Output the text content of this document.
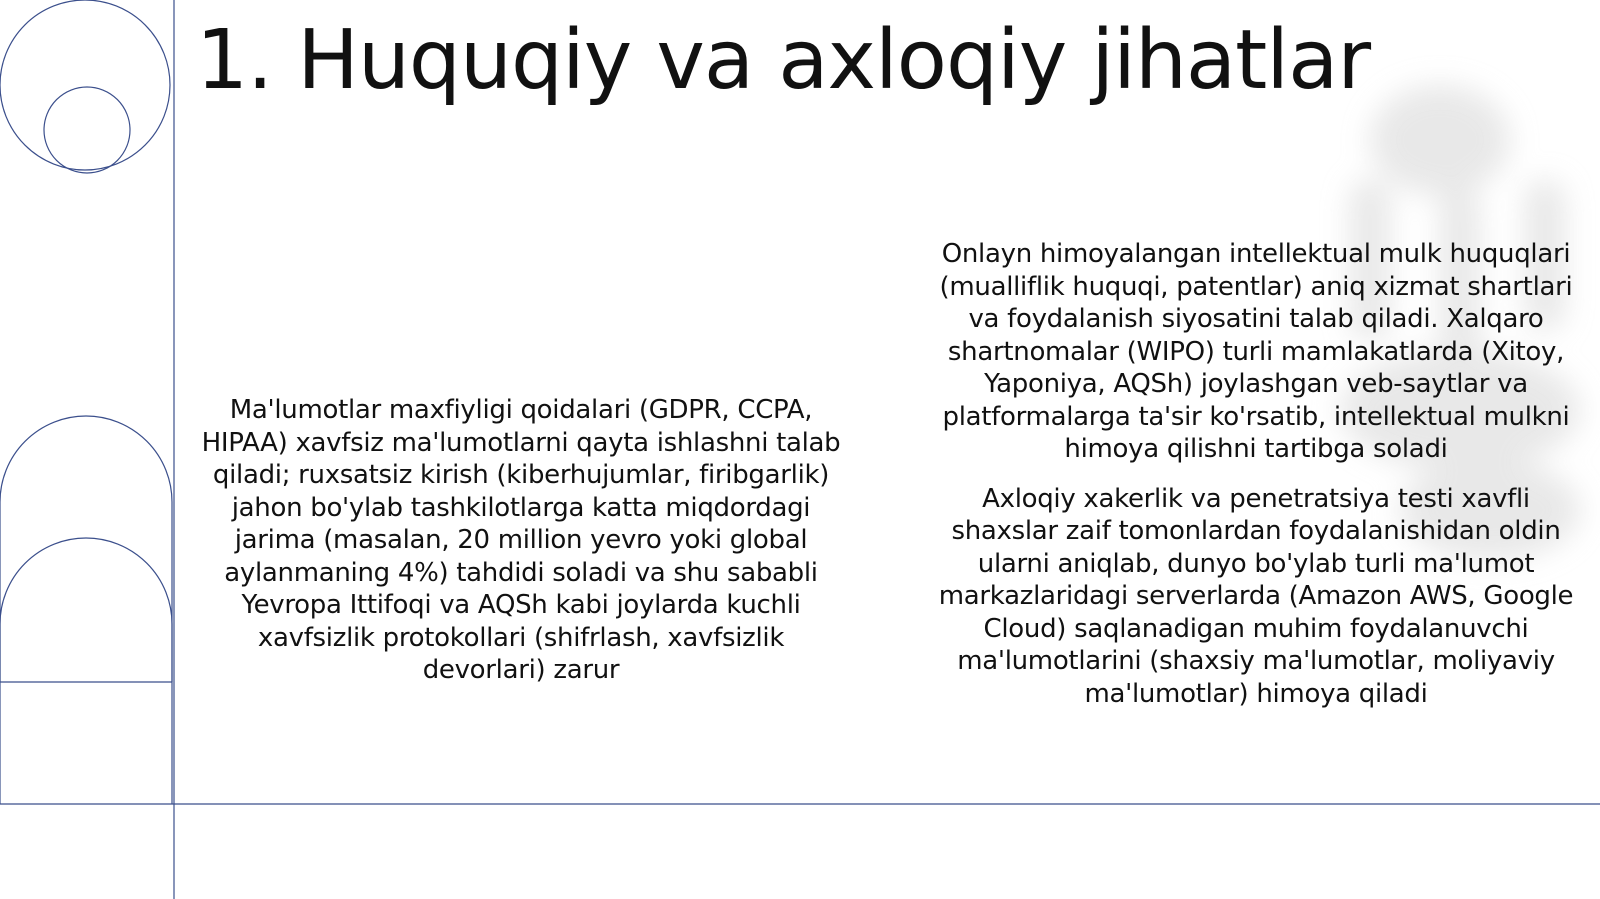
1. Huquqiy va axloqiy jihatlar

Ma'lumotlar maxfiyligi qoidalari (GDPR, CCPA, HIPAA) xavfsiz ma'lumotlarni qayta ishlashni talab qiladi; ruxsatsiz kirish (kiberhujumlar, firibgarlik) jahon bo'ylab tashkilotlarga katta miqdordagi jarima (masalan, 20 million yevro yoki global aylanmaning 4%) tahdidi soladi va shu sababli Yevropa Ittifoqi va AQSh kabi joylarda kuchli xavfsizlik protokollari (shifrlash, xavfsizlik devorlari) zarur

Onlayn himoyalangan intellektual mulk huquqlari (mualliflik huquqi, patentlar) aniq xizmat shartlari va foydalanish siyosatini talab qiladi. Xalqaro shartnomalar (WIPO) turli mamlakatlarda (Xitoy, Yaponiya, AQSh) joylashgan veb-saytlar va platformalarga ta'sir ko'rsatib, intellektual mulkni himoya qilishni tartibga soladi

Axloqiy xakerlik va penetratsiya testi xavfli shaxslar zaif tomonlardan foydalanishidan oldin ularni aniqlab, dunyo bo'ylab turli ma'lumot markazlaridagi serverlarda (Amazon AWS, Google Cloud) saqlanadigan muhim foydalanuvchi ma'lumotlarini (shaxsiy ma'lumotlar, moliyaviy ma'lumotlar) himoya qiladi
